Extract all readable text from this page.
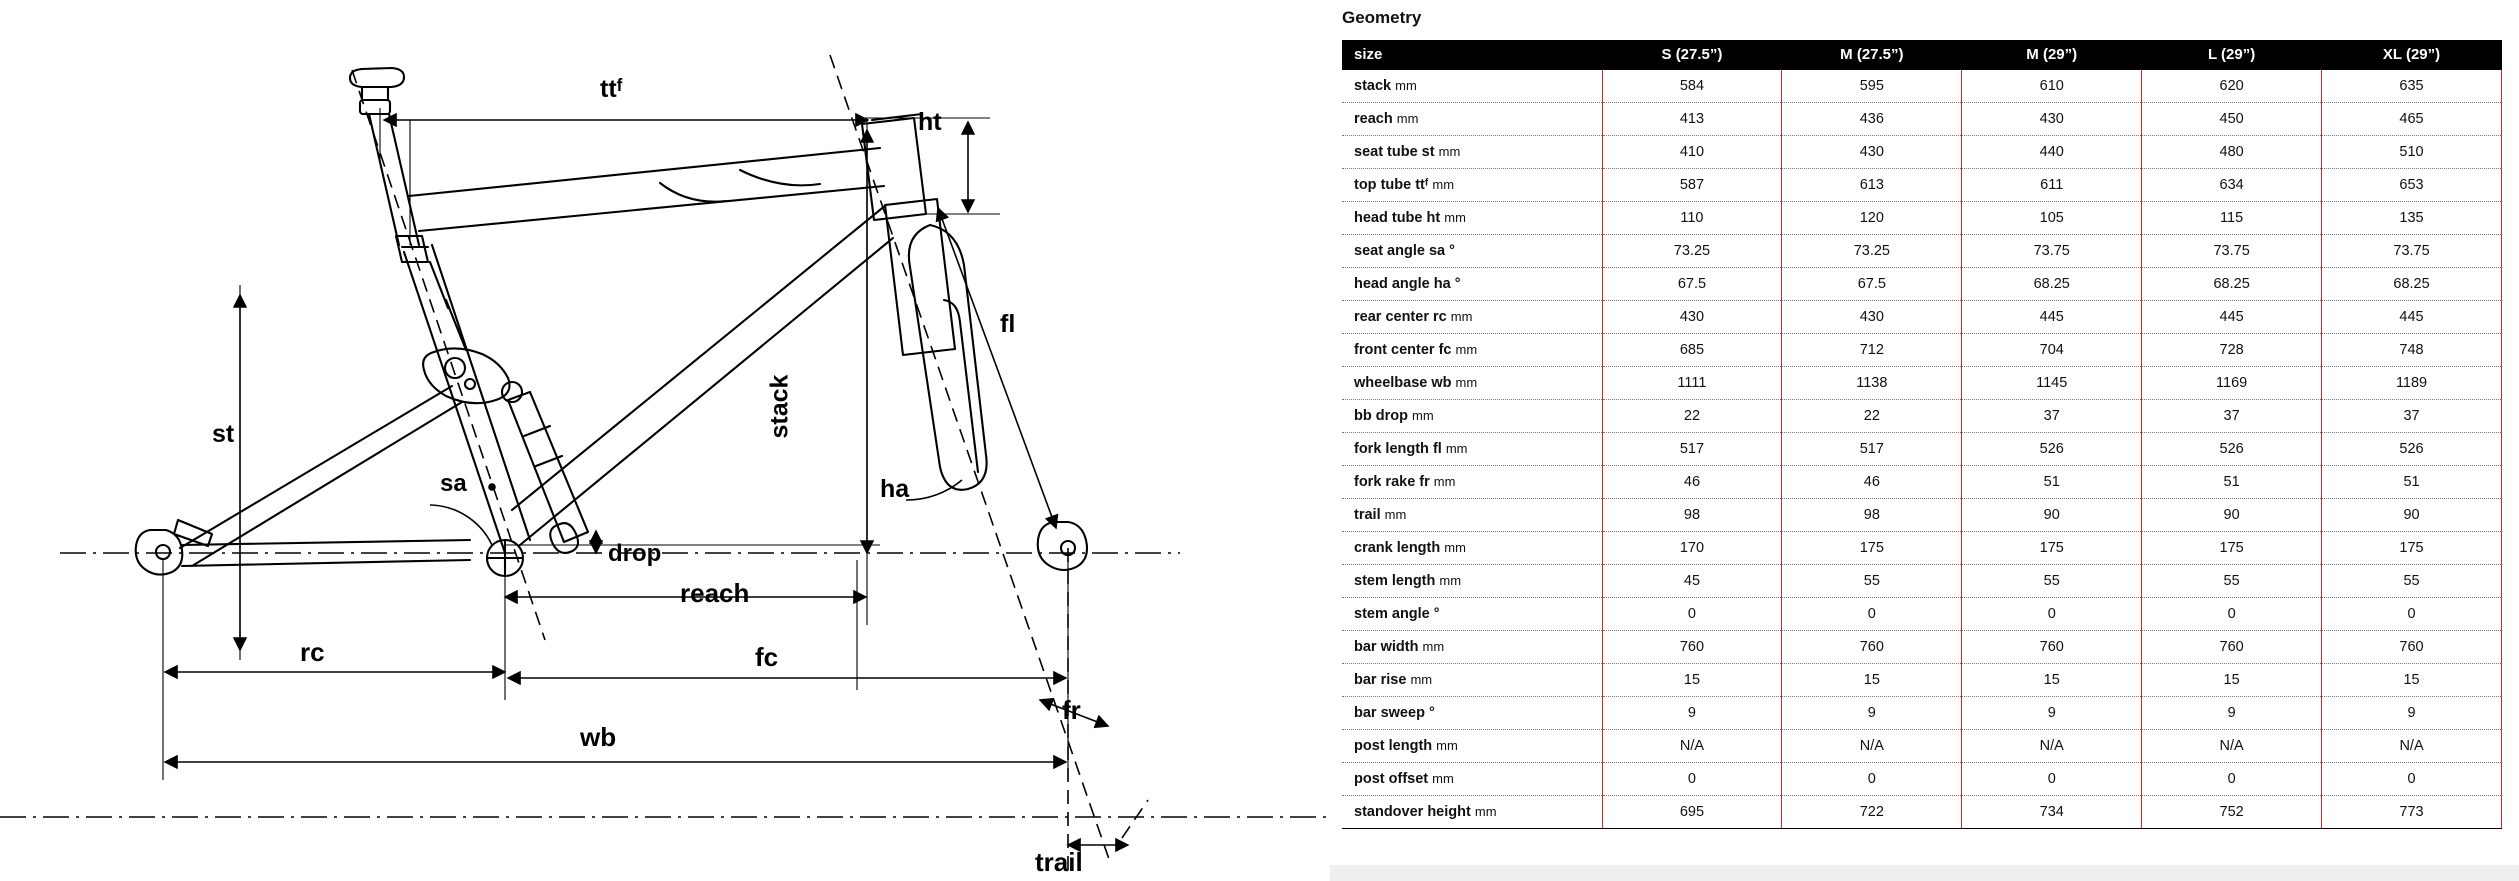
ttᶠ
ht
fl
stack
st
sa	ha
drop
reach
rc	fc
fr
wb
trail
Geometry
size	S (27.5”)	M (27.5”)	M (29”)	L (29”)	XL (29”)
stack mm	584	595	610	620	635
reach mm	413	436	430	450	465
seat tube st mm	410	430	440	480	510
top tube ttᶠ mm	587	613	611	634	653
head tube ht mm	110	120	105	115	135
seat angle sa °	73.25	73.25	73.75	73.75	73.75
head angle ha °	67.5	67.5	68.25	68.25	68.25
rear center rc mm	430	430	445	445	445
front center fc mm	685	712	704	728	748
wheelbase wb mm	1111	1138	1145	1169	1189
bb drop mm	22	22	37	37	37
fork length fl mm	517	517	526	526	526
fork rake fr mm	46	46	51	51	51
trail mm	98	98	90	90	90
crank length mm	170	175	175	175	175
stem length mm	45	55	55	55	55
stem angle °	0	0	0	0	0
bar width mm	760	760	760	760	760
bar rise mm	15	15	15	15	15
bar sweep °	9	9	9	9	9
post length mm	N/A	N/A	N/A	N/A	N/A
post offset mm	0	0	0	0	0
standover height mm	695	722	734	752	773
